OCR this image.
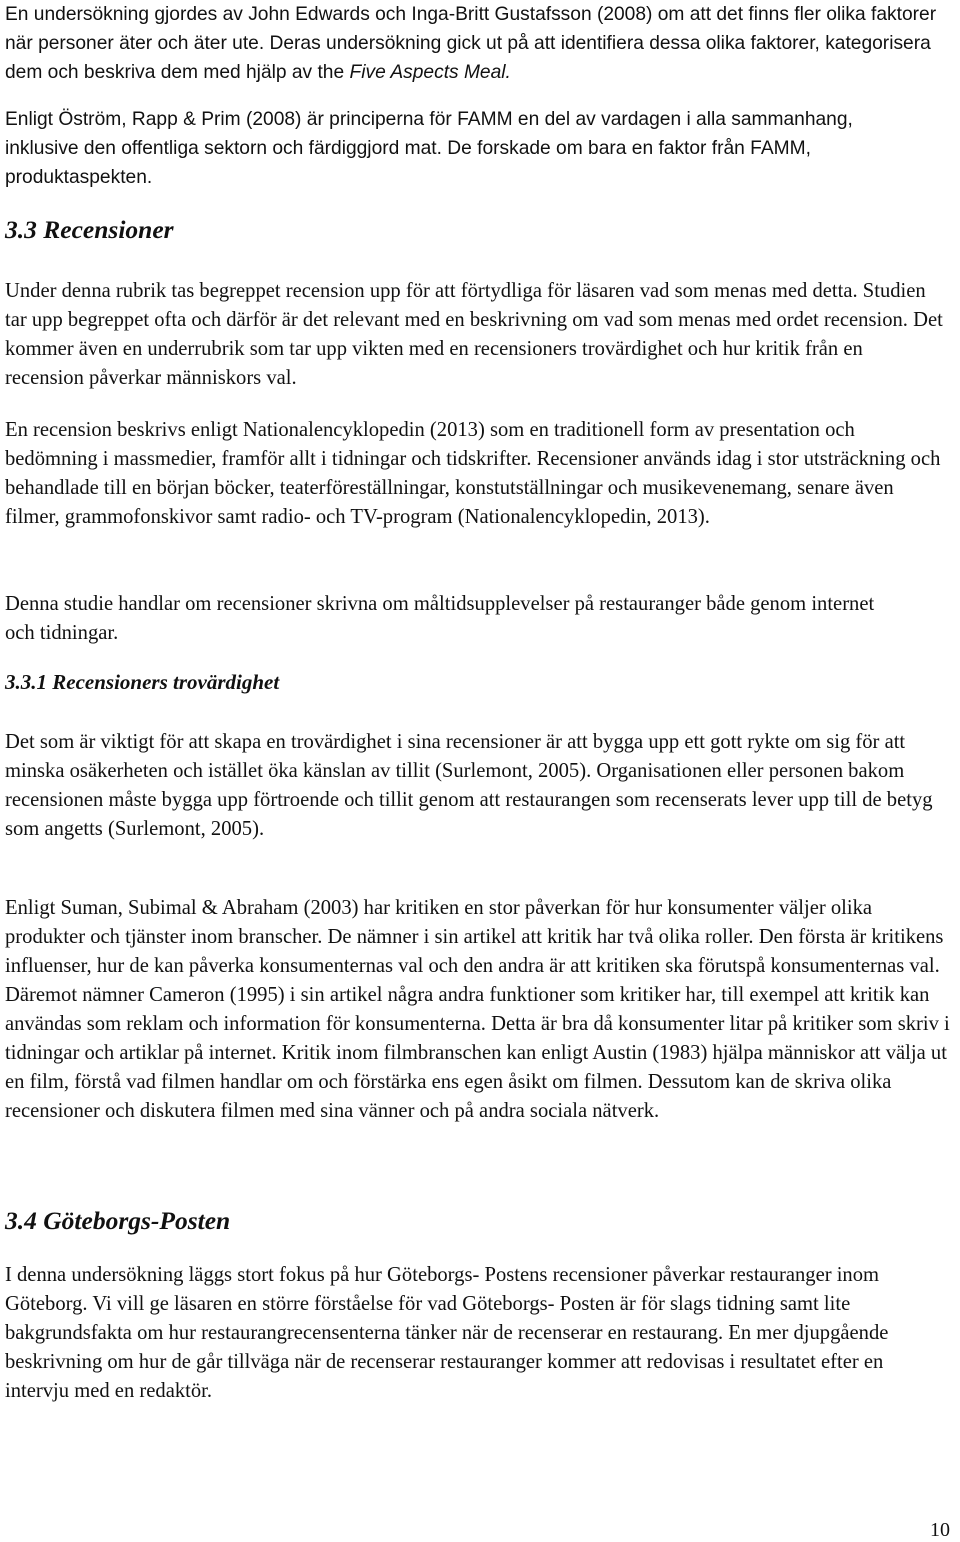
En undersökning gjordes av John Edwards och Inga-Britt Gustafsson (2008) om att det finns fler olika faktorer när personer äter och äter ute. Deras undersökning gick ut på att identifiera dessa olika faktorer, kategorisera dem och beskriva dem med hjälp av the Five Aspects Meal.

Enligt Öström, Rapp & Prim (2008) är principerna för FAMM en del av vardagen i alla sammanhang, inklusive den offentliga sektorn och färdiggjord mat. De forskade om bara en faktor från FAMM, produktaspekten.

3.3 Recensioner

Under denna rubrik tas begreppet recension upp för att förtydliga för läsaren vad som menas med detta. Studien tar upp begreppet ofta och därför är det relevant med en beskrivning om vad som menas med ordet recension. Det kommer även en underrubrik som tar upp vikten med en recensioners trovärdighet och hur kritik från en recension påverkar människors val.

En recension beskrivs enligt Nationalencyklopedin (2013) som en traditionell form av presentation och bedömning i massmedier, framför allt i tidningar och tidskrifter. Recensioner används idag i stor utsträckning och behandlade till en början böcker, teaterföreställningar, konstutställningar och musikevenemang, senare även filmer, grammofonskivor samt radio- och TV-program (Nationalencyklopedin, 2013).

Denna studie handlar om recensioner skrivna om måltidsupplevelser på restauranger både genom internet och tidningar.

3.3.1 Recensioners trovärdighet

Det som är viktigt för att skapa en trovärdighet i sina recensioner är att bygga upp ett gott rykte om sig för att minska osäkerheten och istället öka känslan av tillit (Surlemont, 2005). Organisationen eller personen bakom recensionen måste bygga upp förtroende och tillit genom att restaurangen som recenserats lever upp till de betyg som angetts (Surlemont, 2005).

Enligt Suman, Subimal & Abraham (2003) har kritiken en stor påverkan för hur konsumenter väljer olika produkter och tjänster inom branscher. De nämner i sin artikel att kritik har två olika roller. Den första är kritikens influenser, hur de kan påverka konsumenternas val och den andra är att kritiken ska förutspå konsumenternas val. Däremot nämner Cameron (1995) i sin artikel några andra funktioner som kritiker har, till exempel att kritik kan användas som reklam och information för konsumenterna. Detta är bra då konsumenter litar på kritiker som skriv i tidningar och artiklar på internet. Kritik inom filmbranschen kan enligt Austin (1983) hjälpa människor att välja ut en film, förstå vad filmen handlar om och förstärka ens egen åsikt om filmen. Dessutom kan de skriva olika recensioner och diskutera filmen med sina vänner och på andra sociala nätverk.

3.4 Göteborgs-Posten

I denna undersökning läggs stort fokus på hur Göteborgs- Postens recensioner påverkar restauranger inom Göteborg. Vi vill ge läsaren en större förståelse för vad Göteborgs- Posten är för slags tidning samt lite bakgrundsfakta om hur restaurangrecensenterna tänker när de recenserar en restaurang. En mer djupgående beskrivning om hur de går tillväga när de recenserar restauranger kommer att redovisas i resultatet efter en intervju med en redaktör.

10
